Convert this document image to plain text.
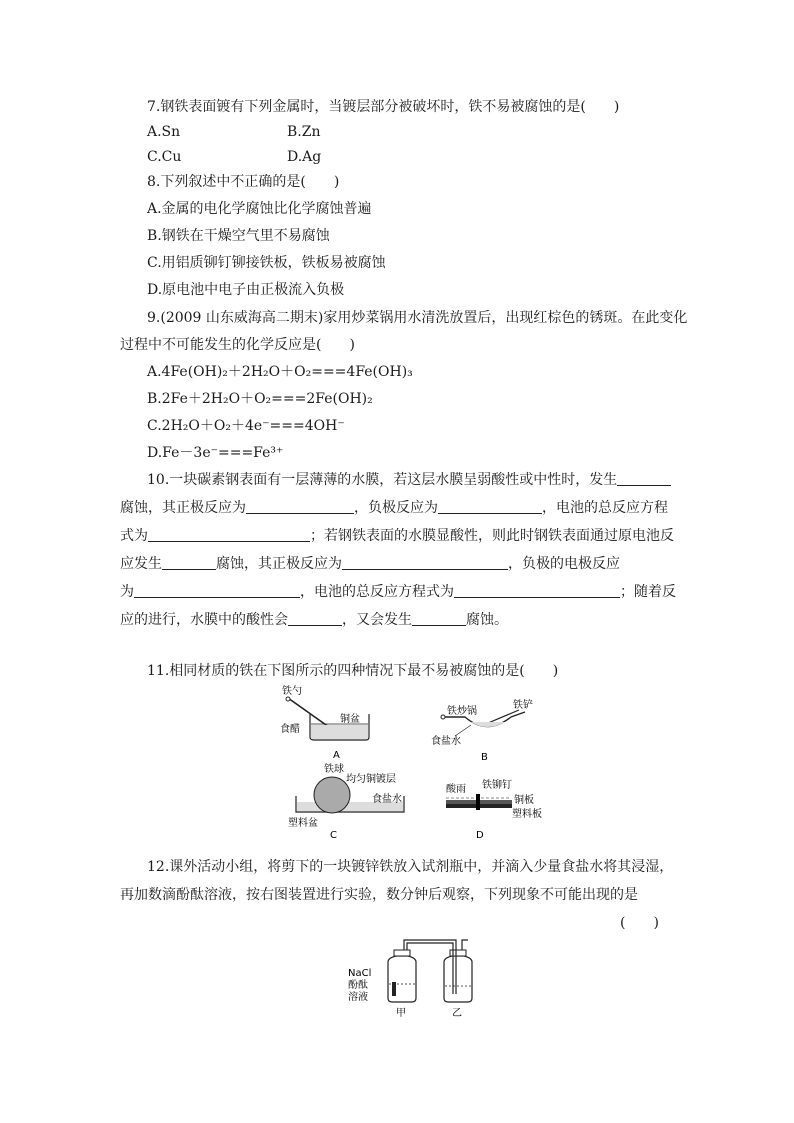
7.钢铁表面镀有下列金属时，当镀层部分被破坏时，铁不易被腐蚀的是(　　)
A.Sn	B.Zn
C.Cu	D.Ag
8.下列叙述中不正确的是(　　)
A.金属的电化学腐蚀比化学腐蚀普遍
B.钢铁在干燥空气里不易腐蚀
C.用铝质铆钉铆接铁板，铁板易被腐蚀
D.原电池中电子由正极流入负极
9.(2009 山东威海高二期末)家用炒菜锅用水清洗放置后，出现红棕色的锈斑。在此变化
过程中不可能发生的化学反应是(　　)
A.4Fe(OH)₂＋2H₂O＋O₂===4Fe(OH)₃
B.2Fe＋2H₂O＋O₂===2Fe(OH)₂
C.2H₂O＋O₂＋4e⁻===4OH⁻
D.Fe－3e⁻===Fe³⁺
10.一块碳素钢表面有一层薄薄的水膜，若这层水膜呈弱酸性或中性时，发生
腐蚀，其正极反应为	，负极反应为	，电池的总反应方程
式为	；若钢铁表面的水膜显酸性，则此时钢铁表面通过原电池反
应发生	腐蚀，其正极反应为	，负极的电极反应
为	，电池的总反应方程式为	；随着反
应的进行，水膜中的酸性会	，又会发生	腐蚀。
11.相同材质的铁在下图所示的四种情况下最不易被腐蚀的是(　　)
铁勺
铜盆
食醋
A
铁炒锅
铁铲
食盐水
B
铁球
均匀铜镀层
食盐水
塑料盆
C
酸雨 铁铆钉
铜板
塑料板
D
12.课外活动小组，将剪下的一块镀锌铁放入试剂瓶中，并滴入少量食盐水将其浸湿，
再加数滴酚酞溶液，按右图装置进行实验，数分钟后观察，下列现象不可能出现的是
(　　)
NaCl
酚酞
溶液
甲	乙
